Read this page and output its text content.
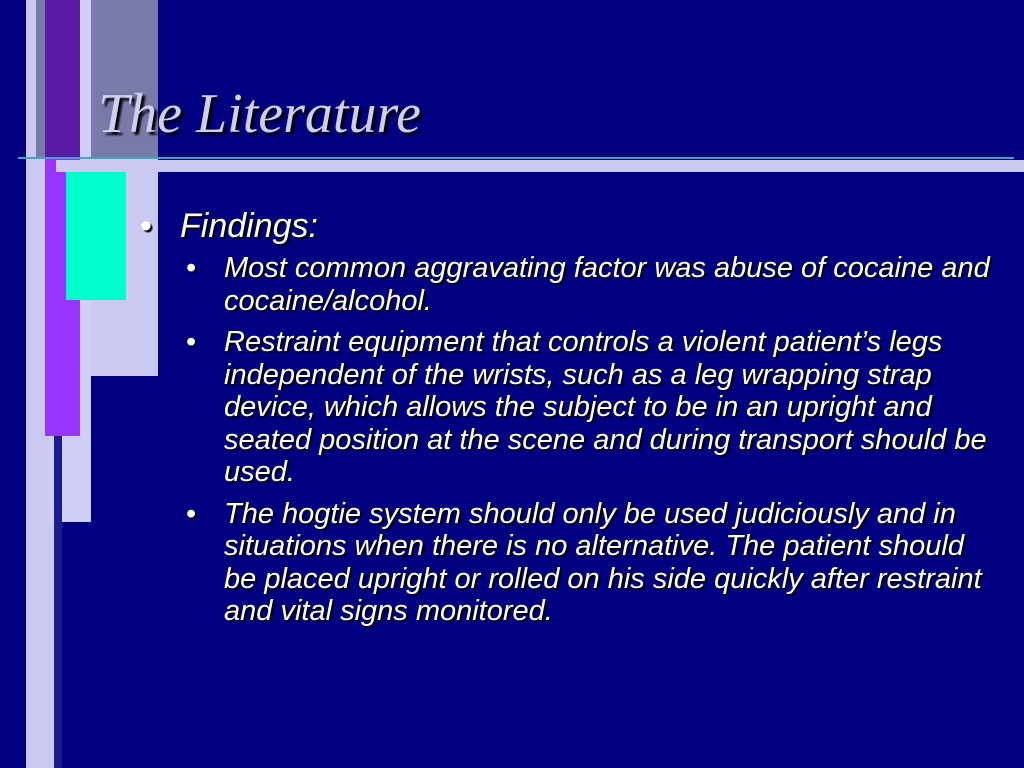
The Literature
• Findings:
• Most common aggravating factor was abuse of cocaine and cocaine/alcohol.
• Restraint equipment that controls a violent patient’s legs independent of the wrists, such as a leg wrapping strap device, which allows the subject to be in an upright and seated position at the scene and during transport should be used.
• The hogtie system should only be used judiciously and in situations when there is no alternative. The patient should be placed upright or rolled on his side quickly after restraint and vital signs monitored.
